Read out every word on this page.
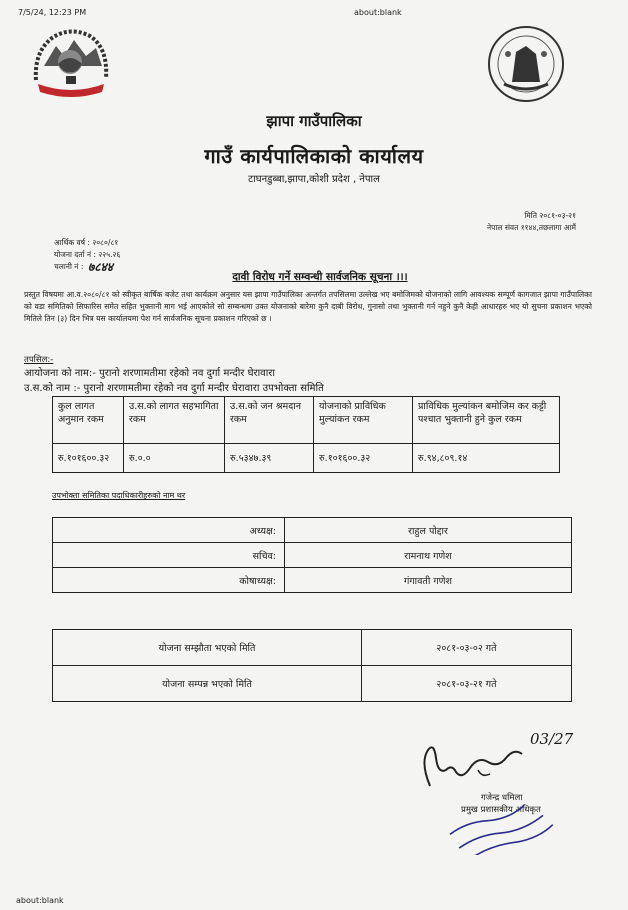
7/5/24, 12:23 PM	about:blank
झापा गाउँपालिका
गाउँ कार्यपालिकाको कार्यालय
टाघनडुब्बा,झापा,कोशी प्रदेश , नेपाल
मिति २०८१-०३-२१
नेपाल संवत ११४४,तछलागा आमैं
आर्थिक वर्ष : २०८०/८१
योजना दर्ता नं : २२५.२६
चलानी नं : ७८४४
दावी विरोध गर्ने सम्वन्धी सार्वजनिक सूचना ।।।
प्रस्तुत विषयमा आ.व.२०८०/८१ को स्वीकृत बार्षिक बजेट तथा कार्यक्रम अनुसार यस झापा गाउँपालिका अन्तर्गत तपसिलमा उल्लेख भए बमोजिमको योजनाको लागि आवश्यक सम्पूर्ण कागजात झापा गाउँपालिका को वडा समितिको सिफारिस समेत सहित भुक्तानी माग भई आएकोले सो सम्बन्धमा उक्त योजनाको बारेमा कुनै दाबी विरोध, गुनासो तथा भुक्तानी गर्न नहुने कुनै केही आधारहरु भए यो सुचना प्रकाशन भएको मितिले तिन (३) दिन भित्र यस कार्यालयमा पेश गर्न सार्वजनिक सूचना प्रकाशन गरिएको छ ।
तपसिल:-
आयोजना को नाम:- पुरानो शरणामतीमा रहेको नव दुर्गा मन्दीर घेरावारा
उ.स.को नाम :- पुरानो शरणामतीमा रहेको नव दुर्गा मन्दीर घेरावारा उपभोक्ता समिति
कुल लागत अनुमान रकम	उ.स.को लागत सहभागिता रकम	उ.स.को जन श्रमदान रकम	योजनाको प्राविधिक मुल्यांकन रकम	प्राविधिक मुल्यांकन बमोजिम कर कट्टी पश्चात भुक्तानी हुने कुल रकम
रु.१०१६००.३२	रु.०.०	रु.५३४७.३९	रु.१०१६००.३२	रु.९४,८०९.१४
उपभोक्ता समितिका पदाधिकारीहरुको नाम थर
अध्यक्ष:	राहुल पोद्दार
सचिव:	रामनाथ गणेश
कोषाध्यक्ष:	गंगावती गणेश
योजना सम्झौता भएको मिति	२०८१-०३-०२ गते
योजना सम्पन्न भएको मिति	२०८१-०३-२१ गते
03/27
गजेन्द्र धमिला
प्रमुख प्रशासकीय अधिकृत
about:blank
